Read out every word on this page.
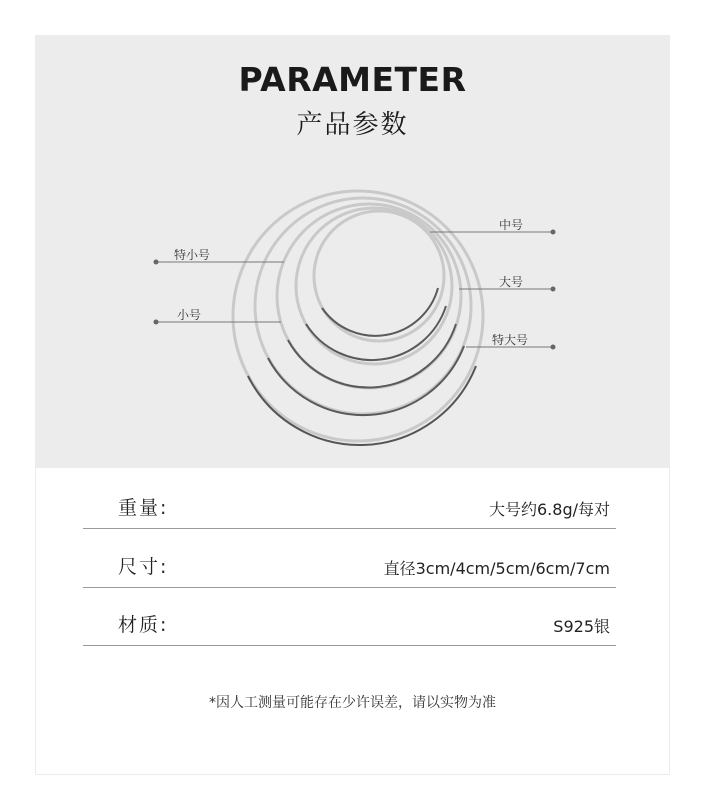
PARAMETER
产品参数
特小号
小号
中号
大号
特大号
重量:	大号约6.8g/每对
尺寸:	直径3cm/4cm/5cm/6cm/7cm
材质:	S925银
*因人工测量可能存在少许误差，请以实物为准
